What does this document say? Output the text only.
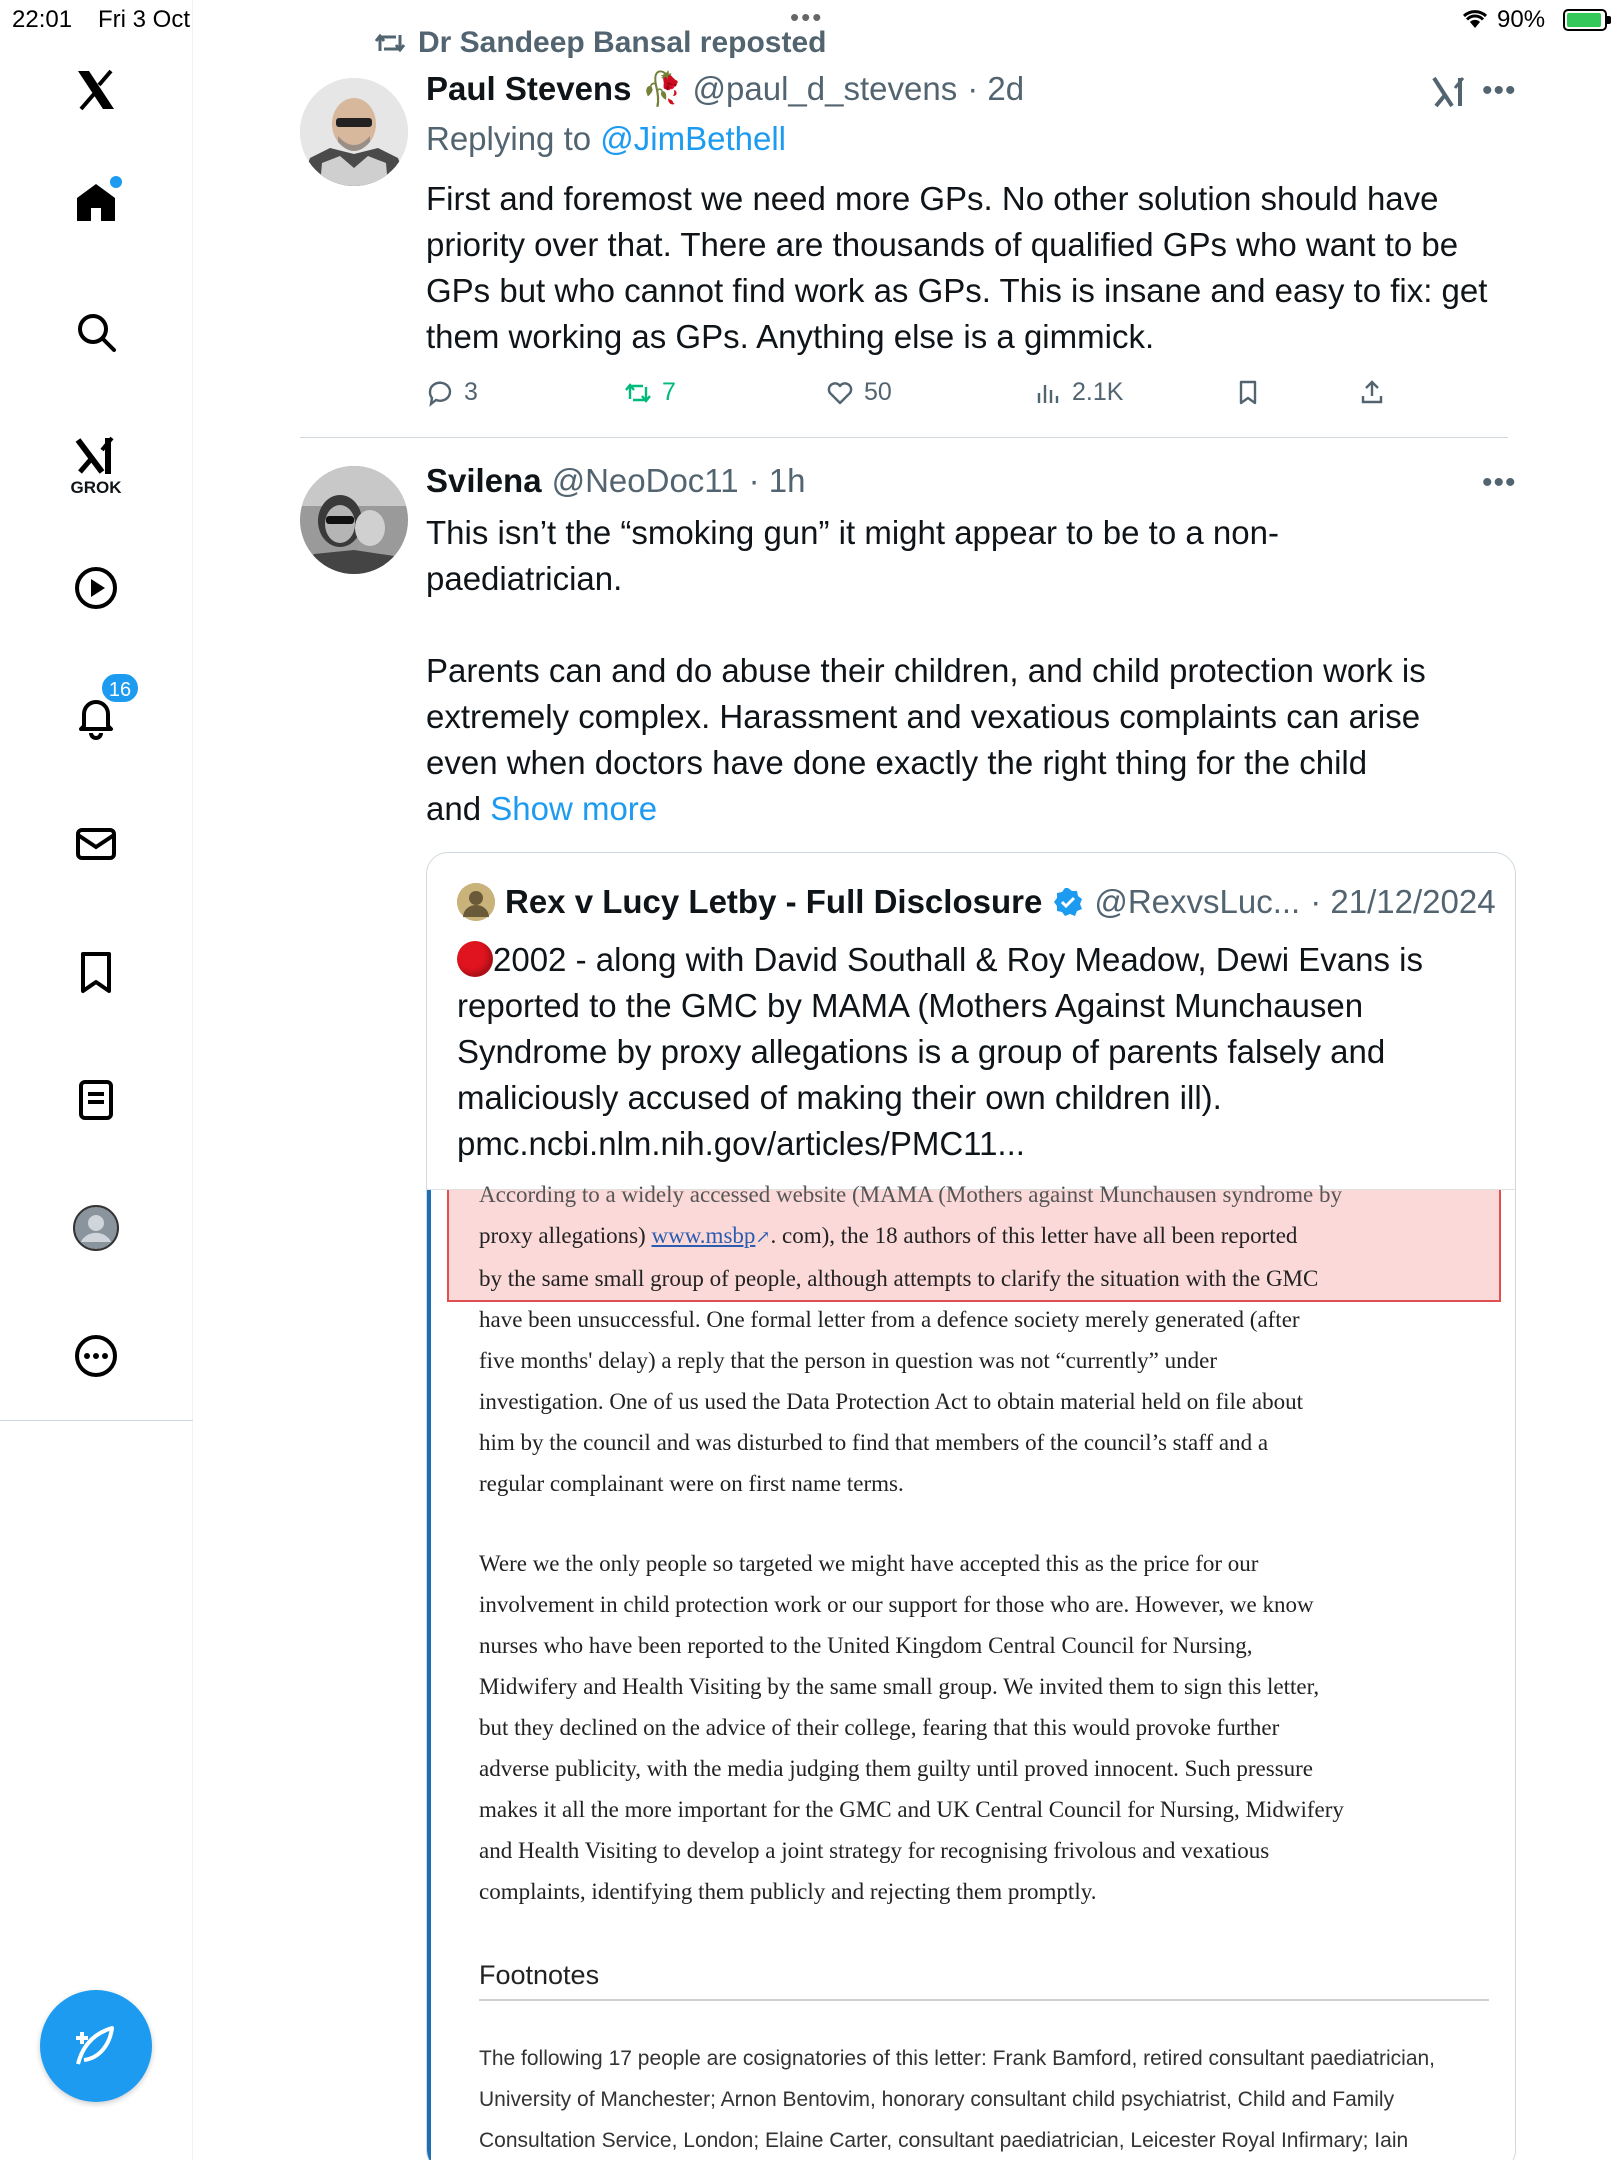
22:01 Fri 3 Oct	•••	90%
GROK
16
Dr Sandeep Bansal reposted
Paul Stevens 🥀 @paul_d_stevens · 2d	•••
Replying to @JimBethell
First and foremost we need more GPs. No other solution should have
priority over that. There are thousands of qualified GPs who want to be
GPs but who cannot find work as GPs. This is insane and easy to fix: get
them working as GPs. Anything else is a gimmick.
3	7	50	2.1K
Svilena @NeoDoc11 · 1h	•••
This isn’t the “smoking gun” it might appear to be to a non-
paediatrician.
Parents can and do abuse their children, and child protection work is
extremely complex. Harassment and vexatious complaints can arise
even when doctors have done exactly the right thing for the child
and Show more
Rex v Lucy Letby - Full Disclosure @RexvsLuc... · 21/12/2024
2002 - along with David Southall & Roy Meadow, Dewi Evans is
reported to the GMC by MAMA (Mothers Against Munchausen
Syndrome by proxy allegations is a group of parents falsely and
maliciously accused of making their own children ill).
pmc.ncbi.nlm.nih.gov/articles/PMC11...
According to a widely accessed website (MAMA (Mothers against Munchausen syndrome by
proxy allegations) www.msbp↗. com), the 18 authors of this letter have all been reported
by the same small group of people, although attempts to clarify the situation with the GMC
have been unsuccessful. One formal letter from a defence society merely generated (after
five months' delay) a reply that the person in question was not “currently” under
investigation. One of us used the Data Protection Act to obtain material held on file about
him by the council and was disturbed to find that members of the council’s staff and a
regular complainant were on first name terms.
Were we the only people so targeted we might have accepted this as the price for our
involvement in child protection work or our support for those who are. However, we know
nurses who have been reported to the United Kingdom Central Council for Nursing,
Midwifery and Health Visiting by the same small group. We invited them to sign this letter,
but they declined on the advice of their college, fearing that this would provoke further
adverse publicity, with the media judging them guilty until proved innocent. Such pressure
makes it all the more important for the GMC and UK Central Council for Nursing, Midwifery
and Health Visiting to develop a joint strategy for recognising frivolous and vexatious
complaints, identifying them publicly and rejecting them promptly.
Footnotes
The following 17 people are cosignatories of this letter: Frank Bamford, retired consultant paediatrician,
University of Manchester; Arnon Bentovim, honorary consultant child psychiatrist, Child and Family
Consultation Service, London; Elaine Carter, consultant paediatrician, Leicester Royal Infirmary; Iain
